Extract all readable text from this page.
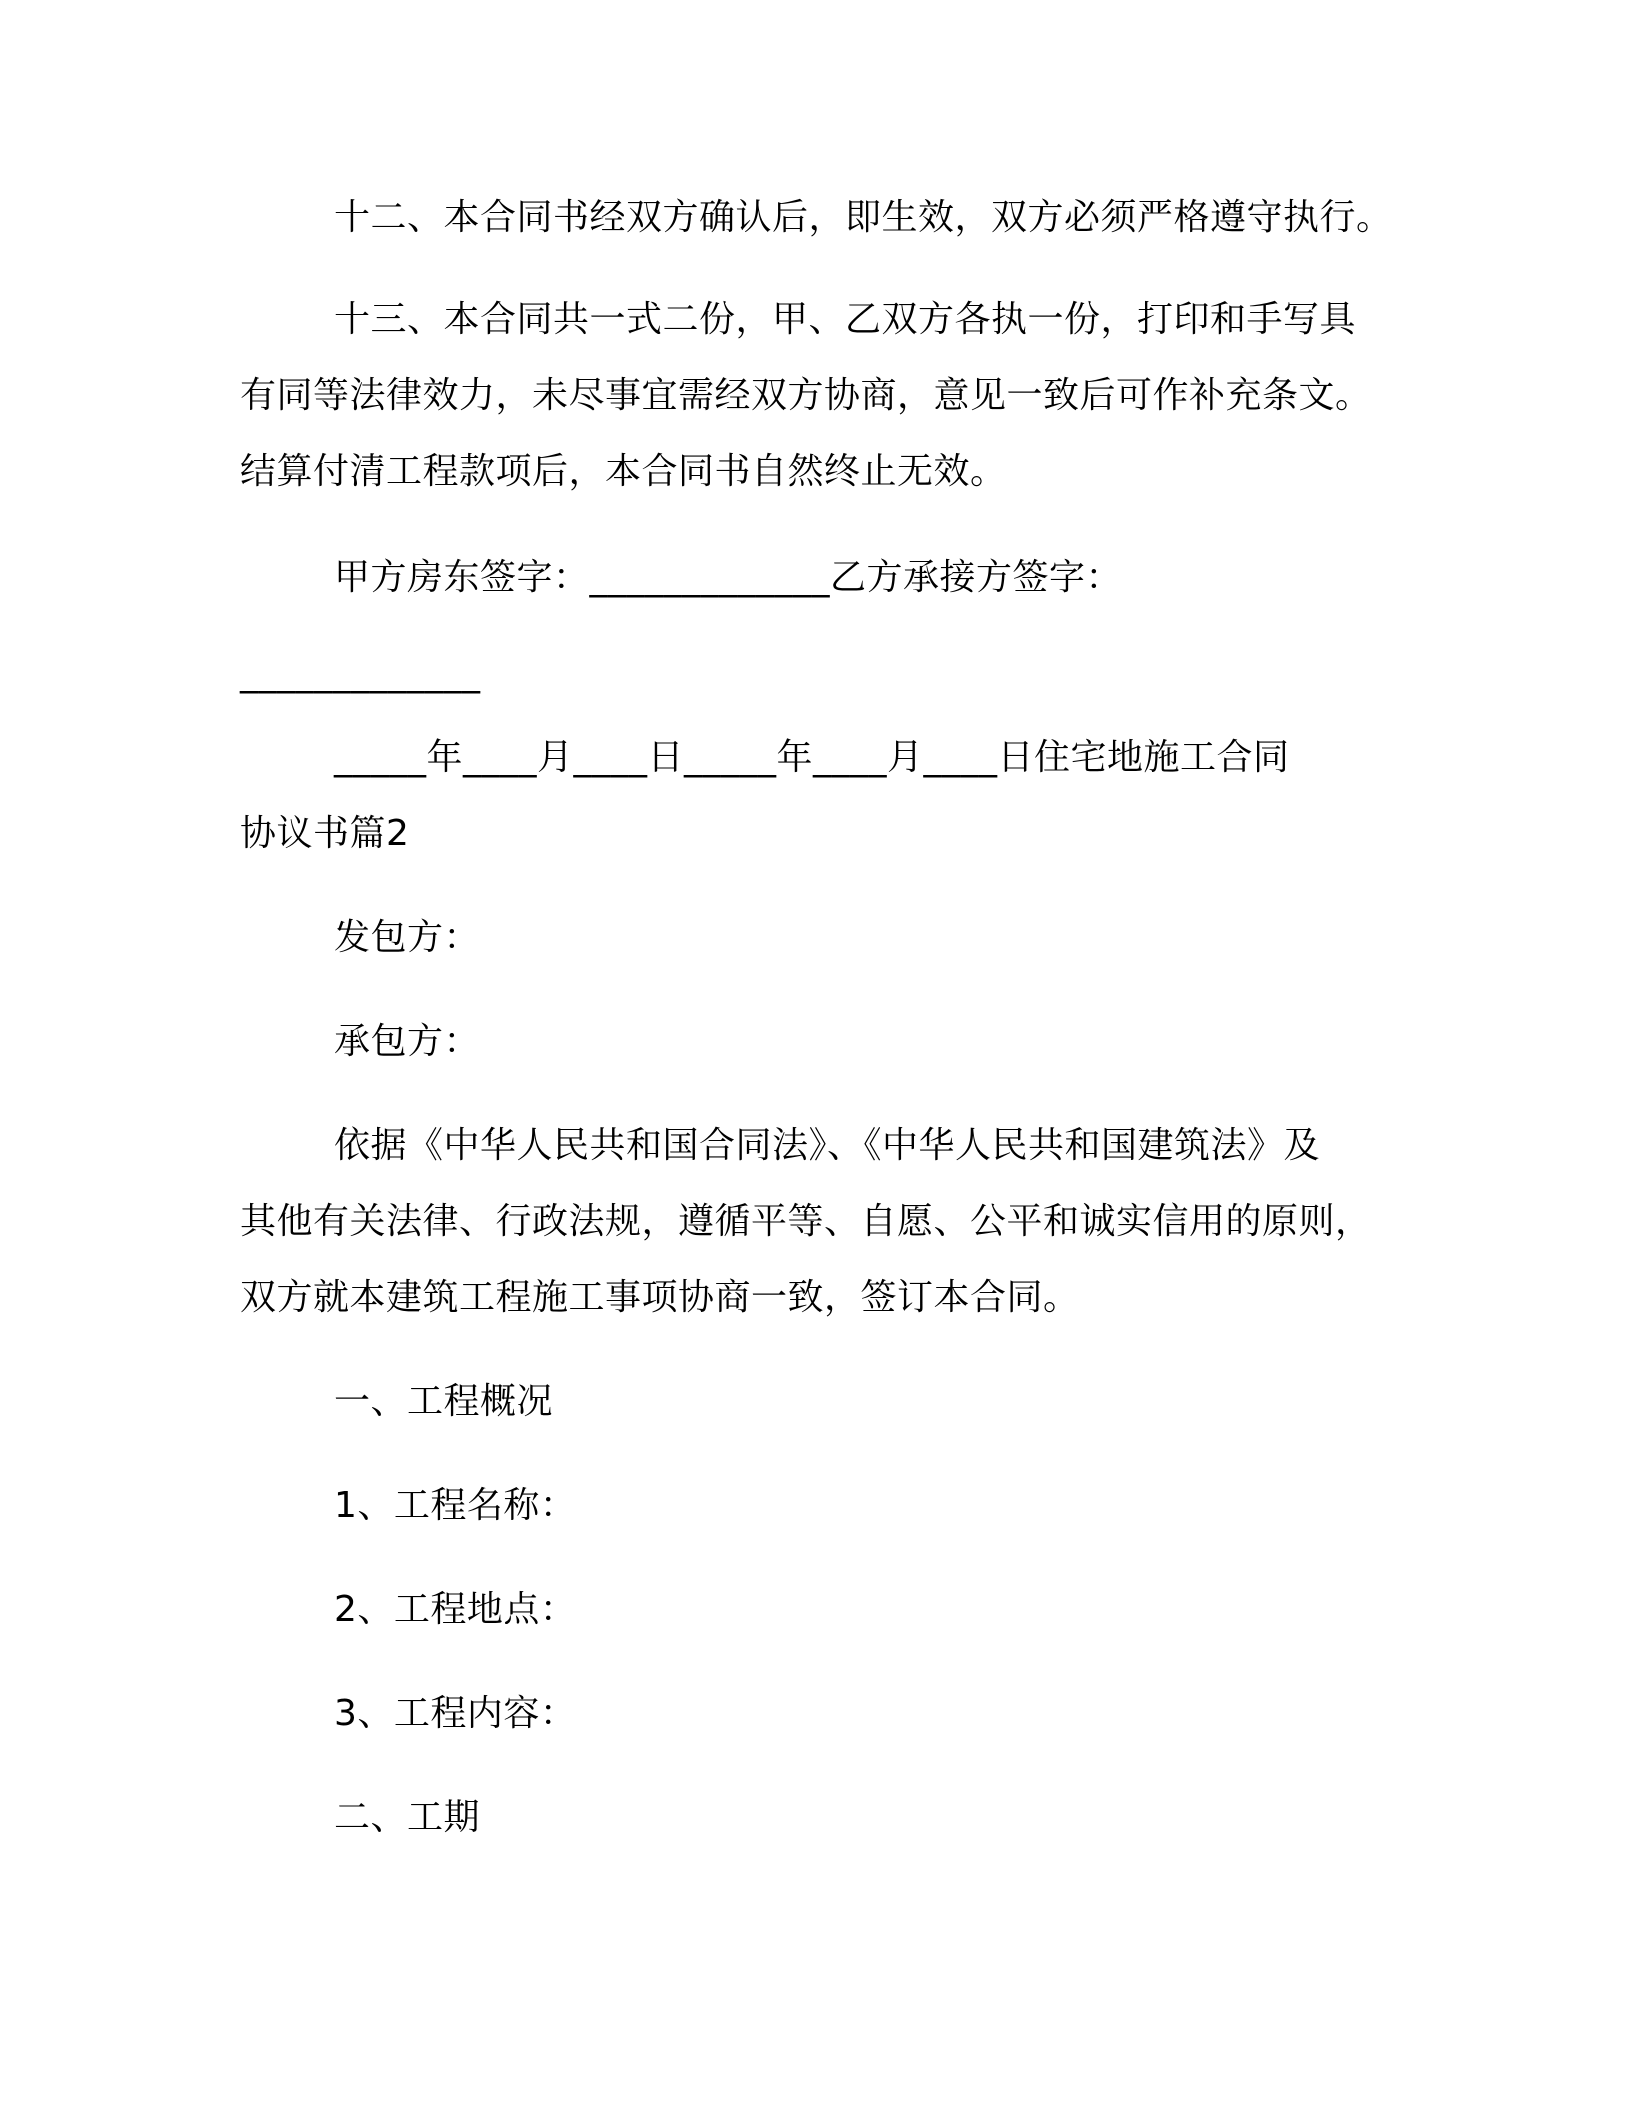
十二、本合同书经双方确认后，即生效，双方必须严格遵守执行。
十三、本合同共一式二份，甲、乙双方各执一份，打印和手写具
有同等法律效力，未尽事宜需经双方协商，意见一致后可作补充条文。
结算付清工程款项后，本合同书自然终止无效。
甲方房东签字：_____________乙方承接方签字：
_____________
_____年____月____日_____年____月____日住宅地施工合同
协议书篇2
发包方：
承包方：
依据《中华人民共和国合同法》、《中华人民共和国建筑法》及
其他有关法律、行政法规，遵循平等、自愿、公平和诚实信用的原则，
双方就本建筑工程施工事项协商一致，签订本合同。
一、工程概况
1、工程名称：
2、工程地点：
3、工程内容：
二、工期
